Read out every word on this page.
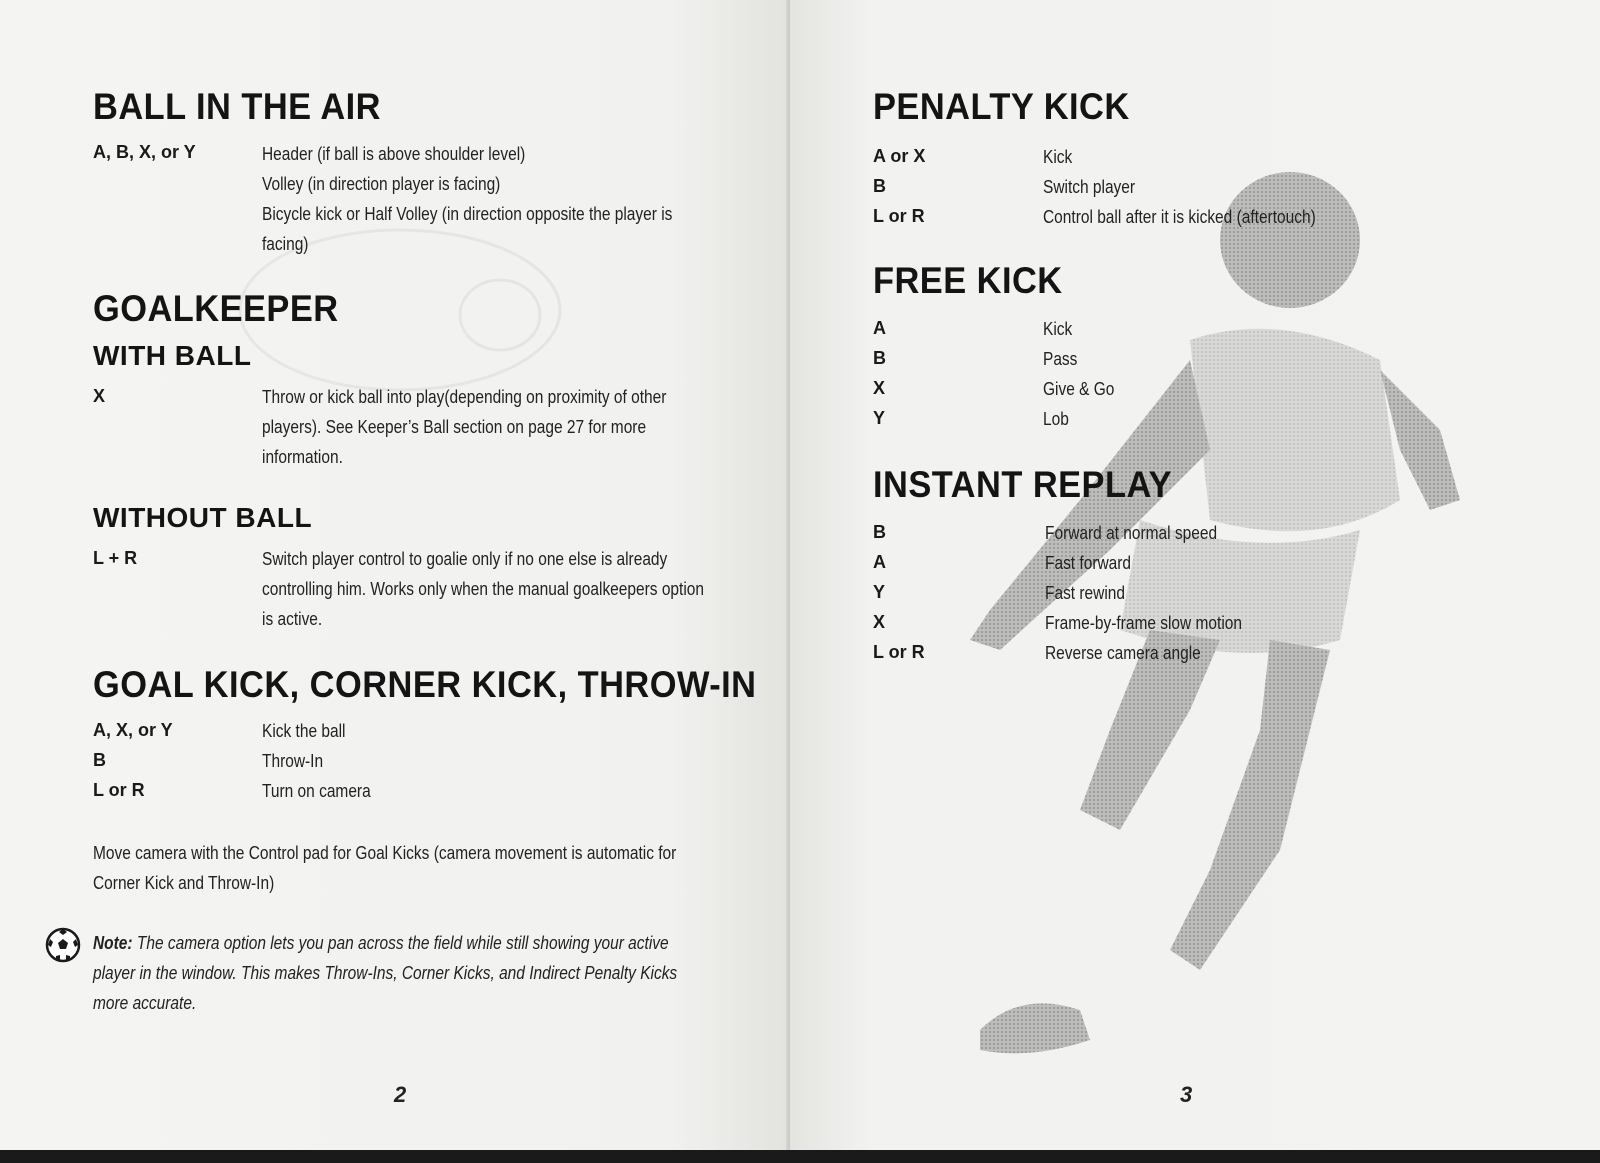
BALL IN THE AIR
A, B, X, or Y	Header (if ball is above shoulder level)
Volley (in direction player is facing)
Bicycle kick or Half Volley (in direction opposite the player is facing)
GOALKEEPER
WITH BALL
X	Throw or kick ball into play(depending on proximity of other players). See Keeper’s Ball section on page 27 for more information.
WITHOUT BALL
L + R	Switch player control to goalie only if no one else is already controlling him. Works only when the manual goalkeepers option is active.
GOAL KICK, CORNER KICK, THROW-IN
A, X, or Y	Kick the ball
B	Throw-In
L or R	Turn on camera
Move camera with the Control pad for Goal Kicks (camera movement is automatic for Corner Kick and Throw-In)
Note: The camera option lets you pan across the field while still showing your active player in the window. This makes Throw-Ins, Corner Kicks, and Indirect Penalty Kicks more accurate.
2

PENALTY KICK
A or X	Kick
B	Switch player
L or R	Control ball after it is kicked (aftertouch)
FREE KICK
A	Kick
B	Pass
X	Give & Go
Y	Lob
INSTANT REPLAY
B	Forward at normal speed
A	Fast forward
Y	Fast rewind
X	Frame-by-frame slow motion
L or R	Reverse camera angle
3
